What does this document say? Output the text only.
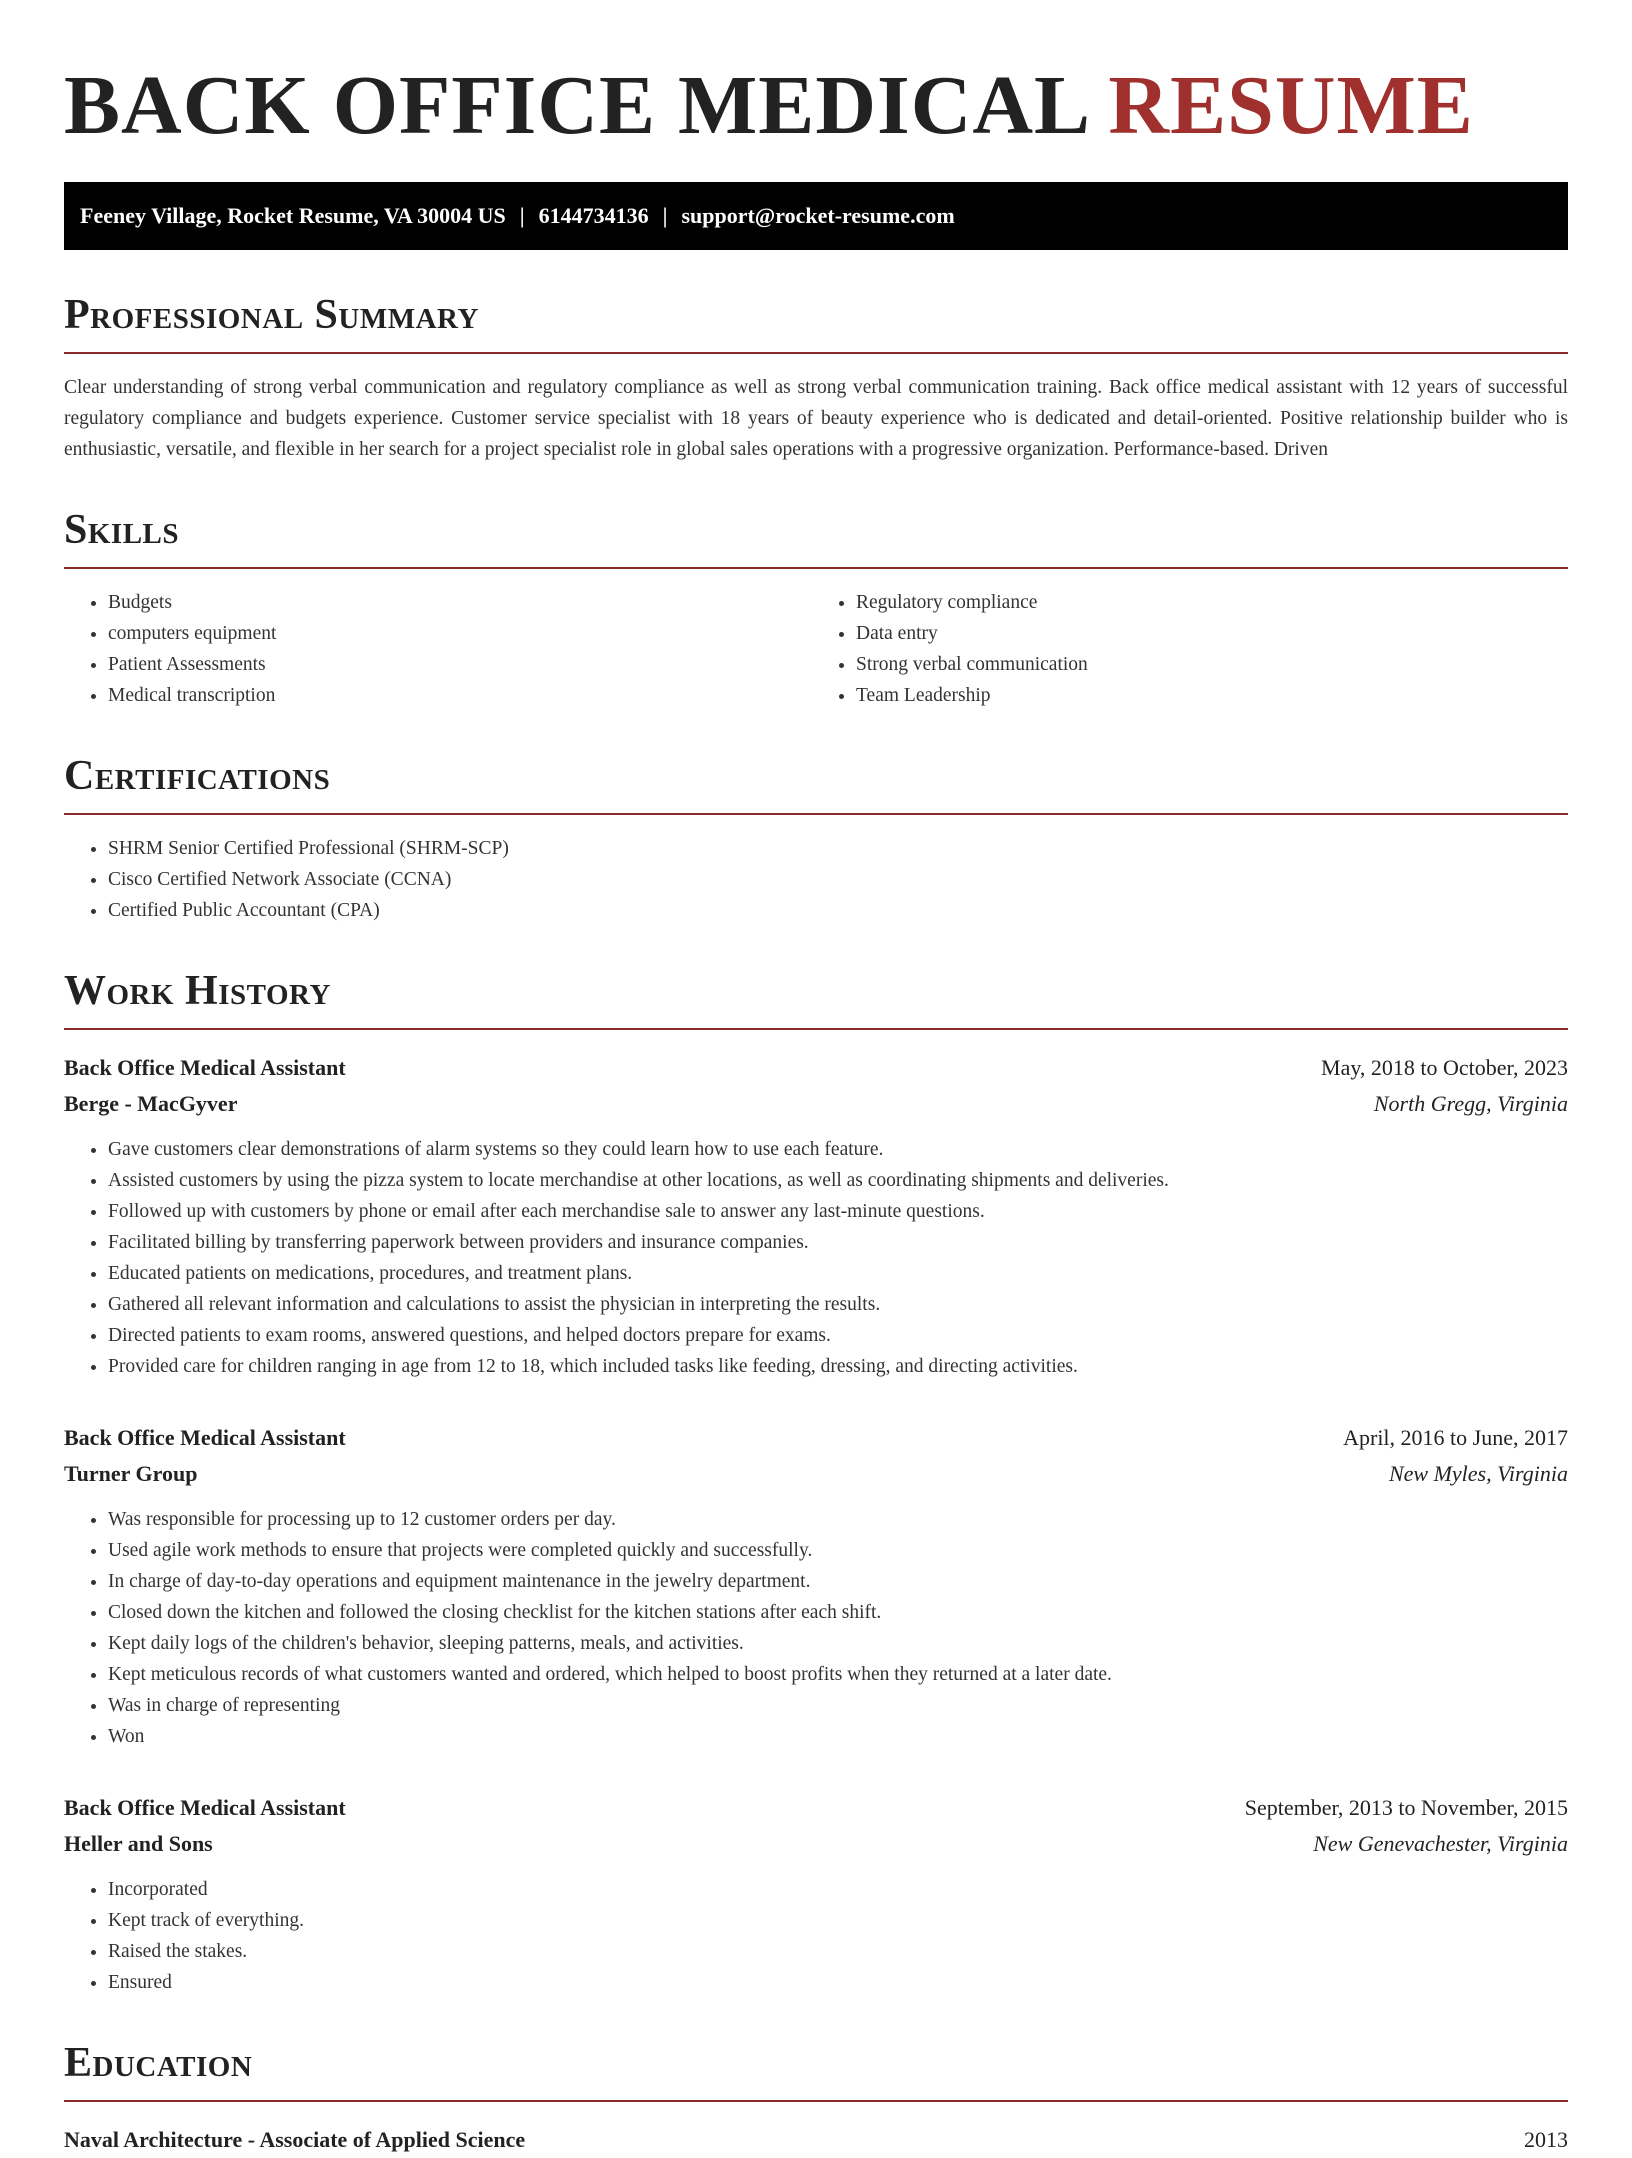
BACK OFFICE MEDICAL RESUME
Feeney Village, Rocket Resume, VA 30004 US | 6144734136 | support@rocket-resume.com
Professional Summary

Clear understanding of strong verbal communication and regulatory compliance as well as strong verbal communication training. Back office medical assistant with 12 years of successful regulatory compliance and budgets experience. Customer service specialist with 18 years of beauty experience who is dedicated and detail-oriented. Positive relationship builder who is enthusiastic, versatile, and flexible in her search for a project specialist role in global sales operations with a progressive organization. Performance-based. Driven

Skills
• Budgets
• computers equipment
• Patient Assessments
• Medical transcription
• Regulatory compliance
• Data entry
• Strong verbal communication
• Team Leadership
Certifications
• SHRM Senior Certified Professional (SHRM-SCP)
• Cisco Certified Network Associate (CCNA)
• Certified Public Accountant (CPA)
Work History
Back Office Medical Assistant	May, 2018 to October, 2023
Berge - MacGyver	North Gregg, Virginia
• Gave customers clear demonstrations of alarm systems so they could learn how to use each feature.
• Assisted customers by using the pizza system to locate merchandise at other locations, as well as coordinating shipments and deliveries.
• Followed up with customers by phone or email after each merchandise sale to answer any last-minute questions.
• Facilitated billing by transferring paperwork between providers and insurance companies.
• Educated patients on medications, procedures, and treatment plans.
• Gathered all relevant information and calculations to assist the physician in interpreting the results.
• Directed patients to exam rooms, answered questions, and helped doctors prepare for exams.
• Provided care for children ranging in age from 12 to 18, which included tasks like feeding, dressing, and directing activities.
Back Office Medical Assistant	April, 2016 to June, 2017
Turner Group	New Myles, Virginia
• Was responsible for processing up to 12 customer orders per day.
• Used agile work methods to ensure that projects were completed quickly and successfully.
• In charge of day-to-day operations and equipment maintenance in the jewelry department.
• Closed down the kitchen and followed the closing checklist for the kitchen stations after each shift.
• Kept daily logs of the children's behavior, sleeping patterns, meals, and activities.
• Kept meticulous records of what customers wanted and ordered, which helped to boost profits when they returned at a later date.
• Was in charge of representing
• Won
Back Office Medical Assistant	September, 2013 to November, 2015
Heller and Sons	New Genevachester, Virginia
• Incorporated
• Kept track of everything.
• Raised the stakes.
• Ensured
Education
Naval Architecture - Associate of Applied Science	2013
